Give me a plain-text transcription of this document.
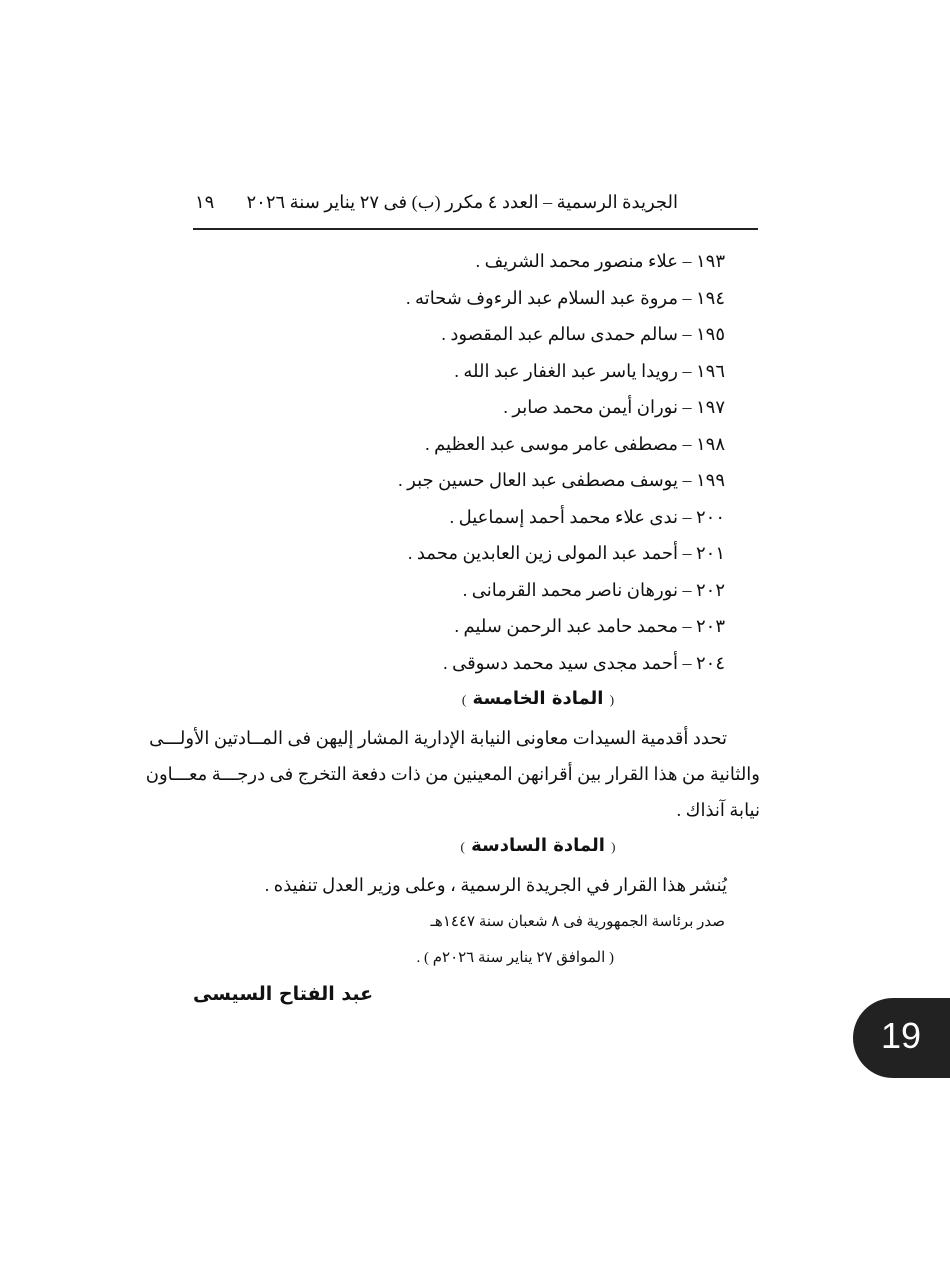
الجريدة الرسمية – العدد ٤ مكرر (ب) فى ٢٧ يناير سنة ٢٠٢٦
١٩
١٩٣ – علاء منصور محمد الشريف .
١٩٤ – مروة عبد السلام عبد الرءوف شحاته .
١٩٥ – سالم حمدى سالم عبد المقصود .
١٩٦ – رويدا ياسر عبد الغفار عبد الله .
١٩٧ – نوران أيمن محمد صابر .
١٩٨ – مصطفى عامر موسى عبد العظيم .
١٩٩ – يوسف مصطفى عبد العال حسين جبر .
٢٠٠ – ندى علاء محمد أحمد إسماعيل .
٢٠١ – أحمد عبد المولى زين العابدين محمد .
٢٠٢ – نورهان ناصر محمد القرمانى .
٢٠٣ – محمد حامد عبد الرحمن سليم .
٢٠٤ – أحمد مجدى سيد محمد دسوقى .
( المادة الخامسة )
تحدد أقدمية السيدات معاونى النيابة الإدارية المشار إليهن فى المــادتين الأولـــى
والثانية من هذا القرار بين أقرانهن المعينين من ذات دفعة التخرج فى درجـــة معـــاون
نيابة آنذاك .
( المادة السادسة )
يُنشر هذا القرار في الجريدة الرسمية ، وعلى وزير العدل تنفيذه .
صدر برئاسة الجمهورية فى ٨ شعبان سنة ١٤٤٧هـ
( الموافق ٢٧ يناير سنة ٢٠٢٦م ) .
عبد الفتاح السيسى
19
